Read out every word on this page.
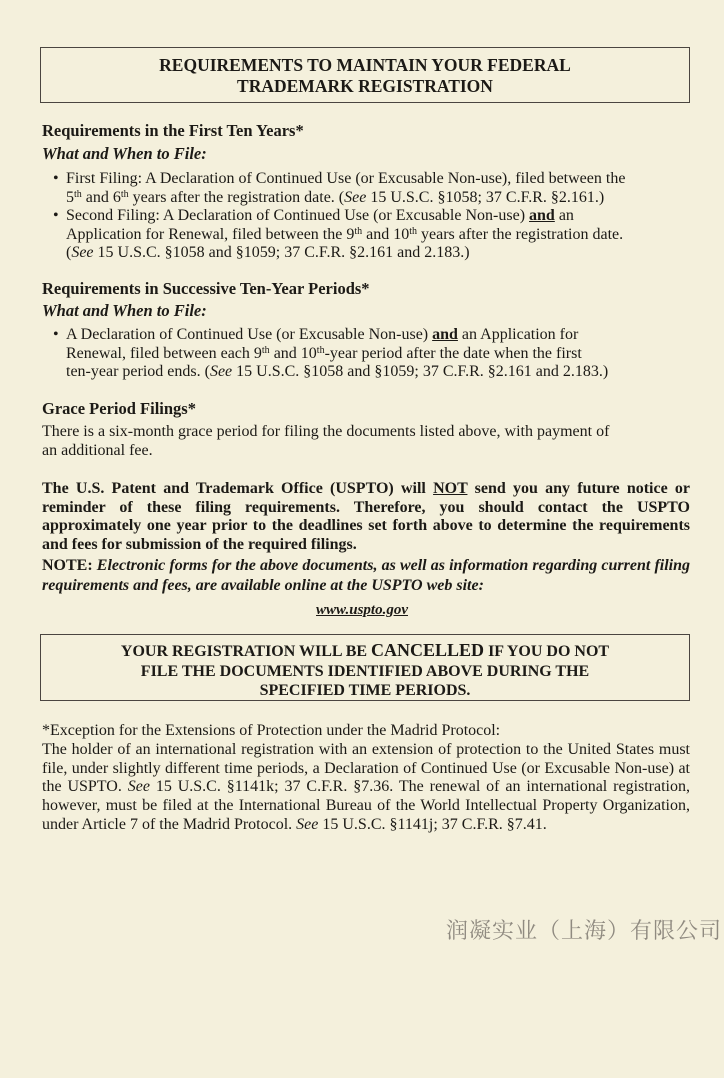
REQUIREMENTS TO MAINTAIN YOUR FEDERAL
TRADEMARK REGISTRATION
Requirements in the First Ten Years*
What and When to File:
• First Filing: A Declaration of Continued Use (or Excusable Non-use), filed between the
5th and 6th years after the registration date. (See 15 U.S.C. §1058; 37 C.F.R. §2.161.)
• Second Filing: A Declaration of Continued Use (or Excusable Non-use) and an
Application for Renewal, filed between the 9th and 10th years after the registration date.
(See 15 U.S.C. §1058 and §1059; 37 C.F.R. §2.161 and 2.183.)
Requirements in Successive Ten-Year Periods*
What and When to File:
• A Declaration of Continued Use (or Excusable Non-use) and an Application for
Renewal, filed between each 9th and 10th-year period after the date when the first
ten-year period ends. (See 15 U.S.C. §1058 and §1059; 37 C.F.R. §2.161 and 2.183.)
Grace Period Filings*
There is a six-month grace period for filing the documents listed above, with payment of
an additional fee.
The U.S. Patent and Trademark Office (USPTO) will NOT send you any future notice or reminder of these filing requirements. Therefore, you should contact the USPTO approximately one year prior to the deadlines set forth above to determine the requirements and fees for submission of the required filings.
NOTE: Electronic forms for the above documents, as well as information regarding current filing requirements and fees, are available online at the USPTO web site:
www.uspto.gov
YOUR REGISTRATION WILL BE CANCELLED IF YOU DO NOT
FILE THE DOCUMENTS IDENTIFIED ABOVE DURING THE
SPECIFIED TIME PERIODS.
*Exception for the Extensions of Protection under the Madrid Protocol:
The holder of an international registration with an extension of protection to the United States must file, under slightly different time periods, a Declaration of Continued Use (or Excusable Non-use) at the USPTO. See 15 U.S.C. §1141k; 37 C.F.R. §7.36. The renewal of an international registration, however, must be filed at the International Bureau of the World Intellectual Property Organization, under Article 7 of the Madrid Protocol. See 15 U.S.C. §1141j; 37 C.F.R. §7.41.
润凝实业（上海）有限公司
